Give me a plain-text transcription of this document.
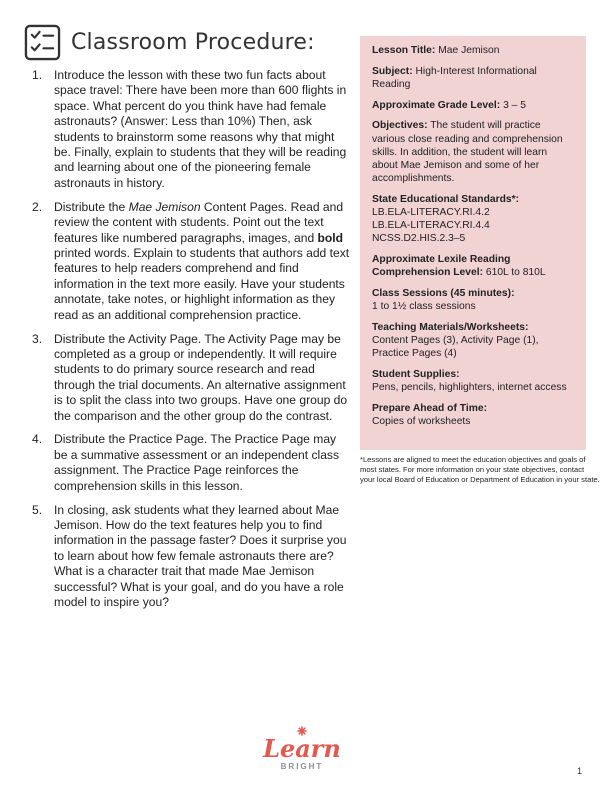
Classroom Procedure:
1. Introduce the lesson with these two fun facts about space travel: There have been more than 600 flights in space. What percent do you think have had female astronauts? (Answer: Less than 10%) Then, ask students to brainstorm some reasons why that might be. Finally, explain to students that they will be reading and learning about one of the pioneering female astronauts in history.
2. Distribute the Mae Jemison Content Pages. Read and review the content with students. Point out the text features like numbered paragraphs, images, and bold printed words. Explain to students that authors add text features to help readers comprehend and find information in the text more easily. Have your students annotate, take notes, or highlight information as they read as an additional comprehension practice.
3. Distribute the Activity Page. The Activity Page may be completed as a group or independently. It will require students to do primary source research and read through the trial documents. An alternative assignment is to split the class into two groups. Have one group do the comparison and the other group do the contrast.
4. Distribute the Practice Page. The Practice Page may be a summative assessment or an independent class assignment. The Practice Page reinforces the comprehension skills in this lesson.
5. In closing, ask students what they learned about Mae Jemison. How do the text features help you to find information in the passage faster? Does it surprise you to learn about how few female astronauts there are? What is a character trait that made Mae Jemison successful? What is your goal, and do you have a role model to inspire you?
Lesson Title: Mae Jemison
Subject: High-Interest Informational Reading
Approximate Grade Level: 3 – 5
Objectives: The student will practice various close reading and comprehension skills. In addition, the student will learn about Mae Jemison and some of her accomplishments.
State Educational Standards*:
LB.ELA-LITERACY.RI.4.2
LB.ELA-LITERACY.RI.4.4
NCSS.D2.HIS.2.3–5
Approximate Lexile Reading Comprehension Level: 610L to 810L
Class Sessions (45 minutes):
1 to 1½ class sessions
Teaching Materials/Worksheets:
Content Pages (3), Activity Page (1), Practice Pages (4)
Student Supplies:
Pens, pencils, highlighters, internet access
Prepare Ahead of Time:
Copies of worksheets

*Lessons are aligned to meet the education objectives and goals of most states. For more information on your state objectives, contact your local Board of Education or Department of Education in your state.

Learn
BRIGHT	1
